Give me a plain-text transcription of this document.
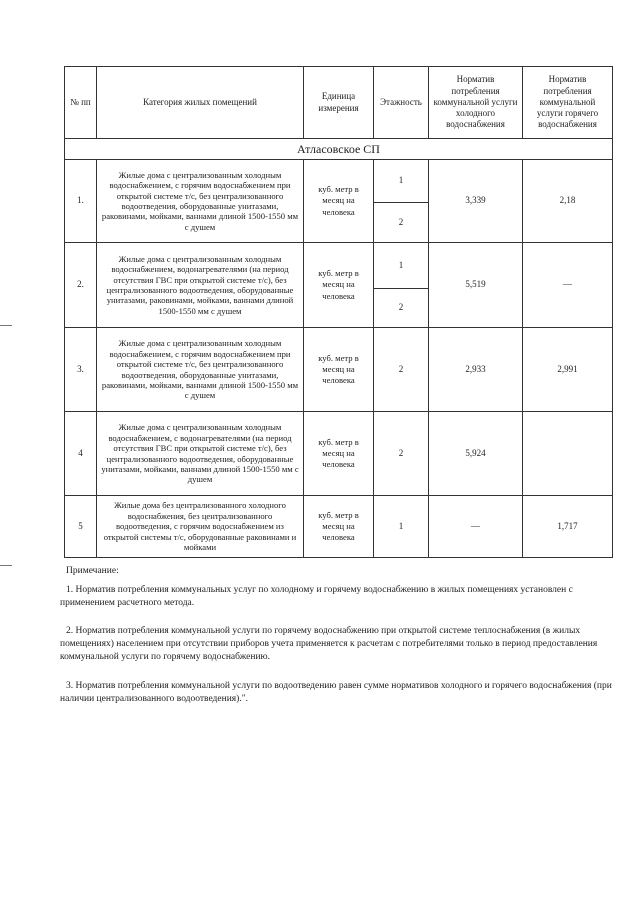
№ пп	Категория жилых помещений	Единица измерения	Этажность	Норматив потребления коммунальной услуги холодного водоснабжения	Норматив потребления коммунальной услуги горячего водоснабжения
Атласовское СП					
1.	Жилые дома с централизованным холодным водоснабжением, с горячим водоснабжением при открытой системе т/с, без централизованного водоотведения, оборудованные унитазами, раковинами, мойками, ваннами длиной 1500-1550 мм с душем	куб. метр в месяц на человека	1	3,339	2,18
			2		
2.	Жилые дома с централизованным холодным водоснабжением, водонагревателями (на период отсутствия ГВС при открытой системе т/с), без централизованного водоотведения, оборудованные унитазами, раковинами, мойками, ваннами длиной 1500-1550 мм с душем	куб. метр в месяц на человека	1	5,519	—
			2		
3.	Жилые дома с централизованным холодным водоснабжением, с горячим водоснабжением при открытой системе т/с, без централизованного водоотведения, оборудованные унитазами, раковинами, мойками, ваннами длиной 1500-1550 мм с душем	куб. метр в месяц на человека	2	2,933	2,991
4	Жилые дома с централизованным холодным водоснабжением, с водонагревателями (на период отсутствия ГВС при открытой системе т/с), без централизованного водоотведения, оборудованные унитазами, мойками, ваннами длиной 1500-1550 мм с душем	куб. метр в месяц на человека	2	5,924	
5	Жилые дома без централизованного холодного водоснабжения, без централизованного водоотведения, с горячим водоснабжением из открытой системы т/с, оборудованные раковинами и мойками	куб. метр в месяц на человека	1	—	1,717
Примечание:

1. Норматив потребления коммунальных услуг по холодному и горячему водоснабжению в жилых помещениях установлен с применением расчетного метода.

2. Норматив потребления коммунальной услуги по горячему водоснабжению при открытой системе теплоснабжения (в жилых помещениях) населением при отсутствии приборов учета применяется к расчетам с потребителями только в период предоставления коммунальной услуги по горячему водоснабжению.

3. Норматив потребления коммунальной услуги по водоотведению равен сумме нормативов холодного и горячего водоснабжения (при наличии централизованного водоотведения).".
